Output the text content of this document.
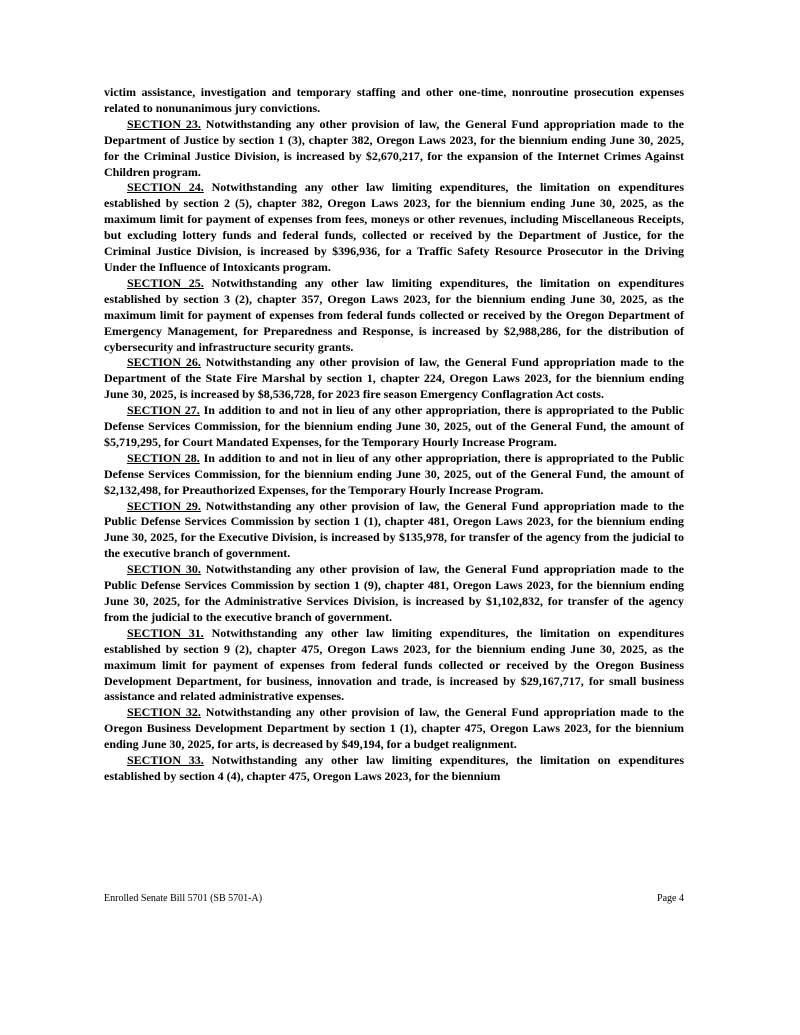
victim assistance, investigation and temporary staffing and other one-time, nonroutine prosecution expenses related to nonunanimous jury convictions.

SECTION 23. Notwithstanding any other provision of law, the General Fund appropriation made to the Department of Justice by section 1 (3), chapter 382, Oregon Laws 2023, for the biennium ending June 30, 2025, for the Criminal Justice Division, is increased by $2,670,217, for the expansion of the Internet Crimes Against Children program.

SECTION 24. Notwithstanding any other law limiting expenditures, the limitation on expenditures established by section 2 (5), chapter 382, Oregon Laws 2023, for the biennium ending June 30, 2025, as the maximum limit for payment of expenses from fees, moneys or other revenues, including Miscellaneous Receipts, but excluding lottery funds and federal funds, collected or received by the Department of Justice, for the Criminal Justice Division, is increased by $396,936, for a Traffic Safety Resource Prosecutor in the Driving Under the Influence of Intoxicants program.

SECTION 25. Notwithstanding any other law limiting expenditures, the limitation on expenditures established by section 3 (2), chapter 357, Oregon Laws 2023, for the biennium ending June 30, 2025, as the maximum limit for payment of expenses from federal funds collected or received by the Oregon Department of Emergency Management, for Preparedness and Response, is increased by $2,988,286, for the distribution of cybersecurity and infrastructure security grants.

SECTION 26. Notwithstanding any other provision of law, the General Fund appropriation made to the Department of the State Fire Marshal by section 1, chapter 224, Oregon Laws 2023, for the biennium ending June 30, 2025, is increased by $8,536,728, for 2023 fire season Emergency Conflagration Act costs.

SECTION 27. In addition to and not in lieu of any other appropriation, there is appropriated to the Public Defense Services Commission, for the biennium ending June 30, 2025, out of the General Fund, the amount of $5,719,295, for Court Mandated Expenses, for the Temporary Hourly Increase Program.

SECTION 28. In addition to and not in lieu of any other appropriation, there is appropriated to the Public Defense Services Commission, for the biennium ending June 30, 2025, out of the General Fund, the amount of $2,132,498, for Preauthorized Expenses, for the Temporary Hourly Increase Program.

SECTION 29. Notwithstanding any other provision of law, the General Fund appropriation made to the Public Defense Services Commission by section 1 (1), chapter 481, Oregon Laws 2023, for the biennium ending June 30, 2025, for the Executive Division, is increased by $135,978, for transfer of the agency from the judicial to the executive branch of government.

SECTION 30. Notwithstanding any other provision of law, the General Fund appropriation made to the Public Defense Services Commission by section 1 (9), chapter 481, Oregon Laws 2023, for the biennium ending June 30, 2025, for the Administrative Services Division, is increased by $1,102,832, for transfer of the agency from the judicial to the executive branch of government.

SECTION 31. Notwithstanding any other law limiting expenditures, the limitation on expenditures established by section 9 (2), chapter 475, Oregon Laws 2023, for the biennium ending June 30, 2025, as the maximum limit for payment of expenses from federal funds collected or received by the Oregon Business Development Department, for business, innovation and trade, is increased by $29,167,717, for small business assistance and related administrative expenses.

SECTION 32. Notwithstanding any other provision of law, the General Fund appropriation made to the Oregon Business Development Department by section 1 (1), chapter 475, Oregon Laws 2023, for the biennium ending June 30, 2025, for arts, is decreased by $49,194, for a budget realignment.

SECTION 33. Notwithstanding any other law limiting expenditures, the limitation on expenditures established by section 4 (4), chapter 475, Oregon Laws 2023, for the biennium

Enrolled Senate Bill 5701 (SB 5701-A)	Page 4
